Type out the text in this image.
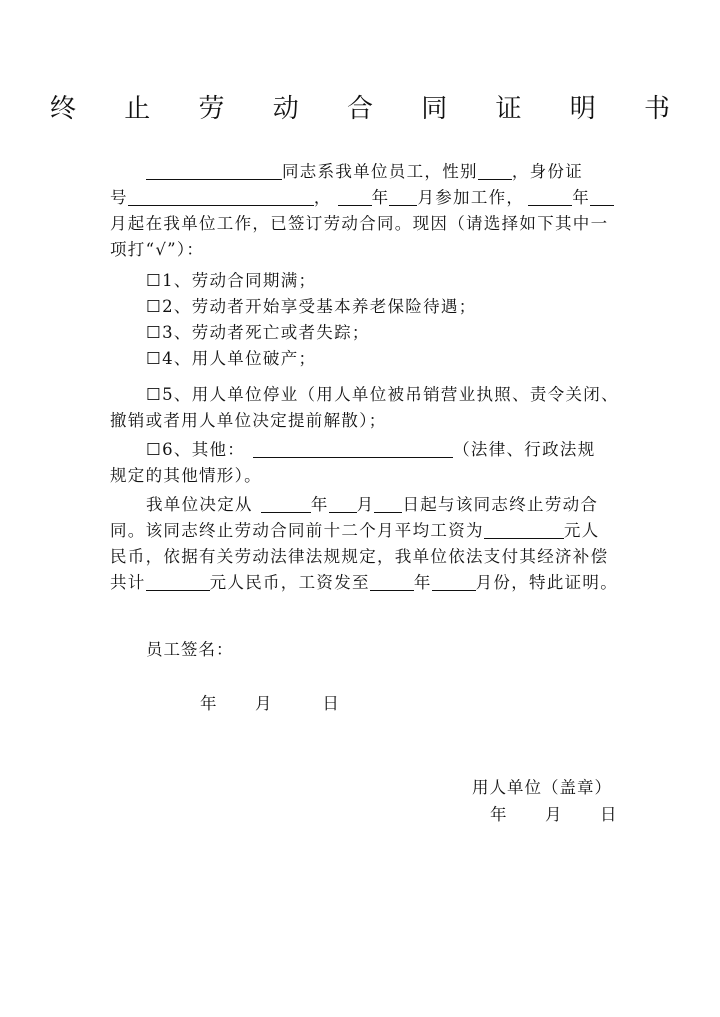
终 止 劳 动 合 同 证 明 书
同志系我单位员工，性别 ，身份证
号	， 年 月参加工作，	年
月起在我单位工作，已签订劳动合同。现因（请选择如下其中一
项打“√”）：
☐1、劳动合同期满；
☐2、劳动者开始享受基本养老保险待遇；
☐3、劳动者死亡或者失踪；
☐4、用人单位破产；
☐5、用人单位停业（用人单位被吊销营业执照、责令关闭、
撤销或者用人单位决定提前解散）；
☐6、其他：	（法律、行政法规
规定的其他情形）。
我单位决定从	年 月 日起与该同志终止劳动合
同。该同志终止劳动合同前十二个月平均工资为	元人
民币，依据有关劳动法律法规规定，我单位依法支付其经济补偿
共计	元人民币，工资发至	年	月份，特此证明。
员工签名：
年      月        日
用人单位（盖章）
年      月      日
